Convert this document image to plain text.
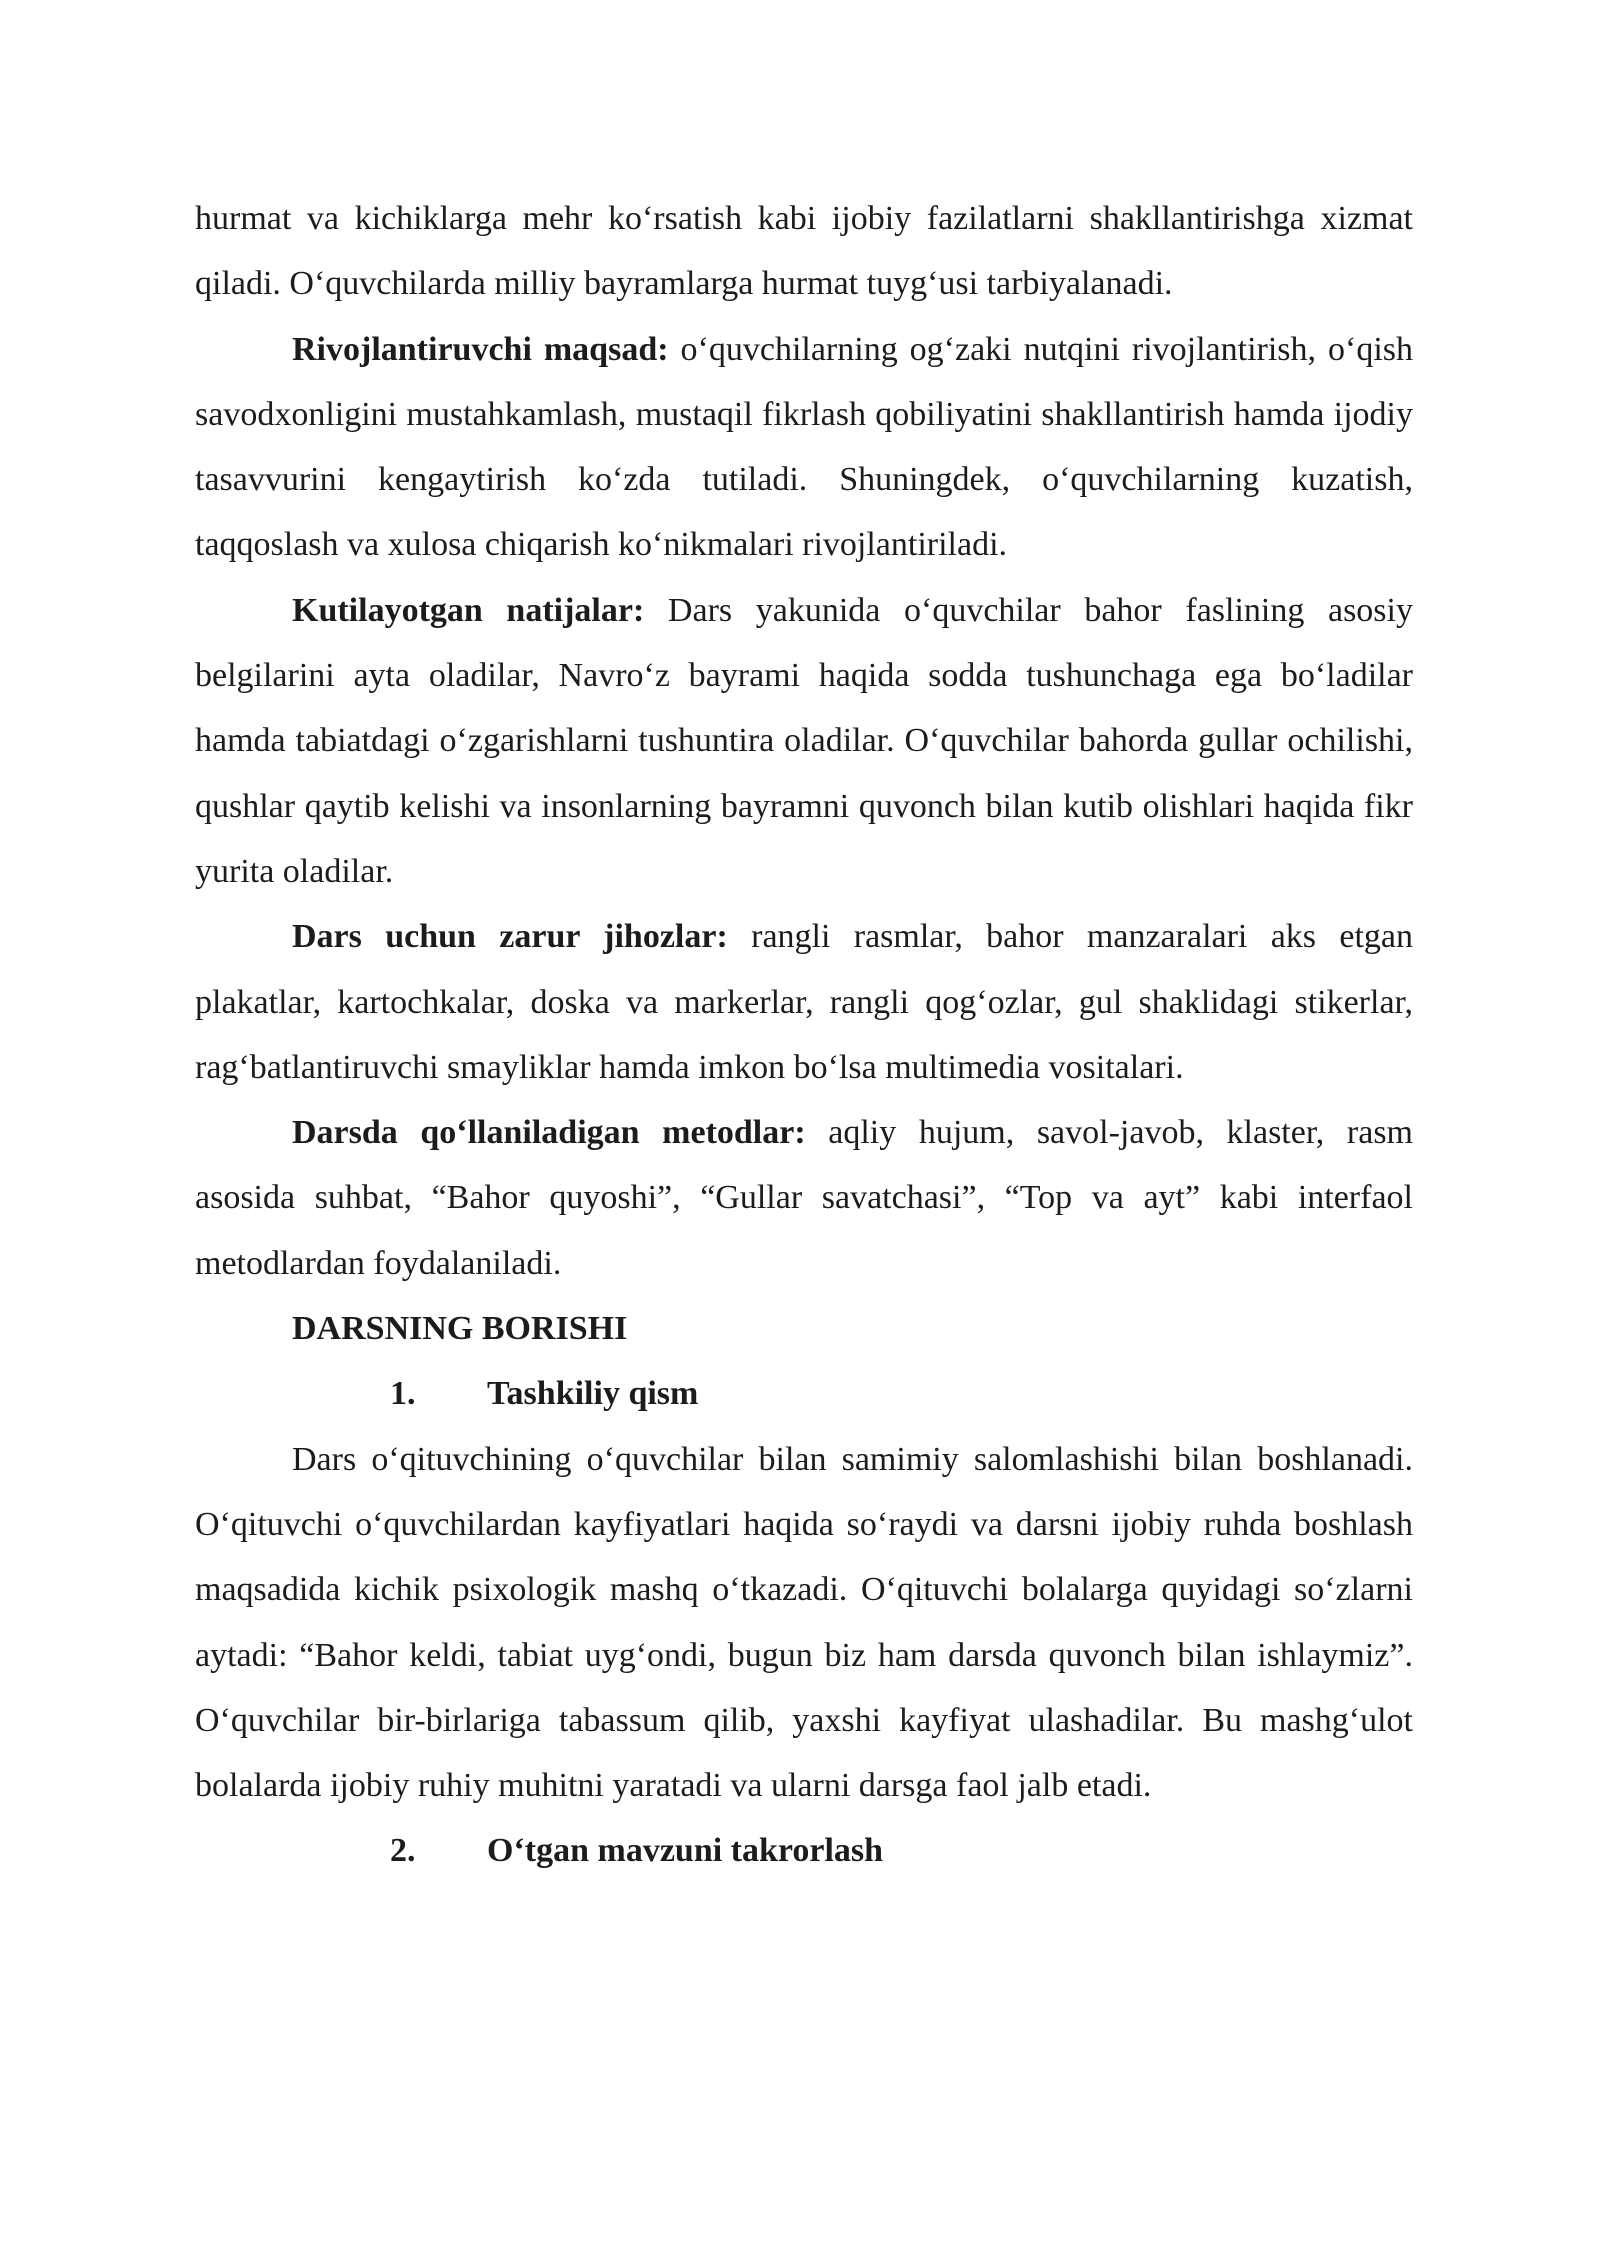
hurmat va kichiklarga mehr ko‘rsatish kabi ijobiy fazilatlarni shakllantirishga xizmat qiladi. O‘quvchilarda milliy bayramlarga hurmat tuyg‘usi tarbiyalanadi.

Rivojlantiruvchi maqsad: o‘quvchilarning og‘zaki nutqini rivojlantirish, o‘qish savodxonligini mustahkamlash, mustaqil fikrlash qobiliyatini shakllantirish hamda ijodiy tasavvurini kengaytirish ko‘zda tutiladi. Shuningdek, o‘quvchilarning kuzatish, taqqoslash va xulosa chiqarish ko‘nikmalari rivojlantiriladi.

Kutilayotgan natijalar: Dars yakunida o‘quvchilar bahor faslining asosiy belgilarini ayta oladilar, Navro‘z bayrami haqida sodda tushunchaga ega bo‘ladilar hamda tabiatdagi o‘zgarishlarni tushuntira oladilar. O‘quvchilar bahorda gullar ochilishi, qushlar qaytib kelishi va insonlarning bayramni quvonch bilan kutib olishlari haqida fikr yurita oladilar.

Dars uchun zarur jihozlar: rangli rasmlar, bahor manzaralari aks etgan plakatlar, kartochkalar, doska va markerlar, rangli qog‘ozlar, gul shaklidagi stikerlar, rag‘batlantiruvchi smayliklar hamda imkon bo‘lsa multimedia vositalari.

Darsda qo‘llaniladigan metodlar: aqliy hujum, savol-javob, klaster, rasm asosida suhbat, “Bahor quyoshi”, “Gullar savatchasi”, “Top va ayt” kabi interfaol metodlardan foydalaniladi.

DARSNING BORISHI

1.	Tashkiliy qism

Dars o‘qituvchining o‘quvchilar bilan samimiy salomlashishi bilan boshlanadi. O‘qituvchi o‘quvchilardan kayfiyatlari haqida so‘raydi va darsni ijobiy ruhda boshlash maqsadida kichik psixologik mashq o‘tkazadi. O‘qituvchi bolalarga quyidagi so‘zlarni aytadi: “Bahor keldi, tabiat uyg‘ondi, bugun biz ham darsda quvonch bilan ishlaymiz”. O‘quvchilar bir-birlariga tabassum qilib, yaxshi kayfiyat ulashadilar. Bu mashg‘ulot bolalarda ijobiy ruhiy muhitni yaratadi va ularni darsga faol jalb etadi.

2.	O‘tgan mavzuni takrorlash
